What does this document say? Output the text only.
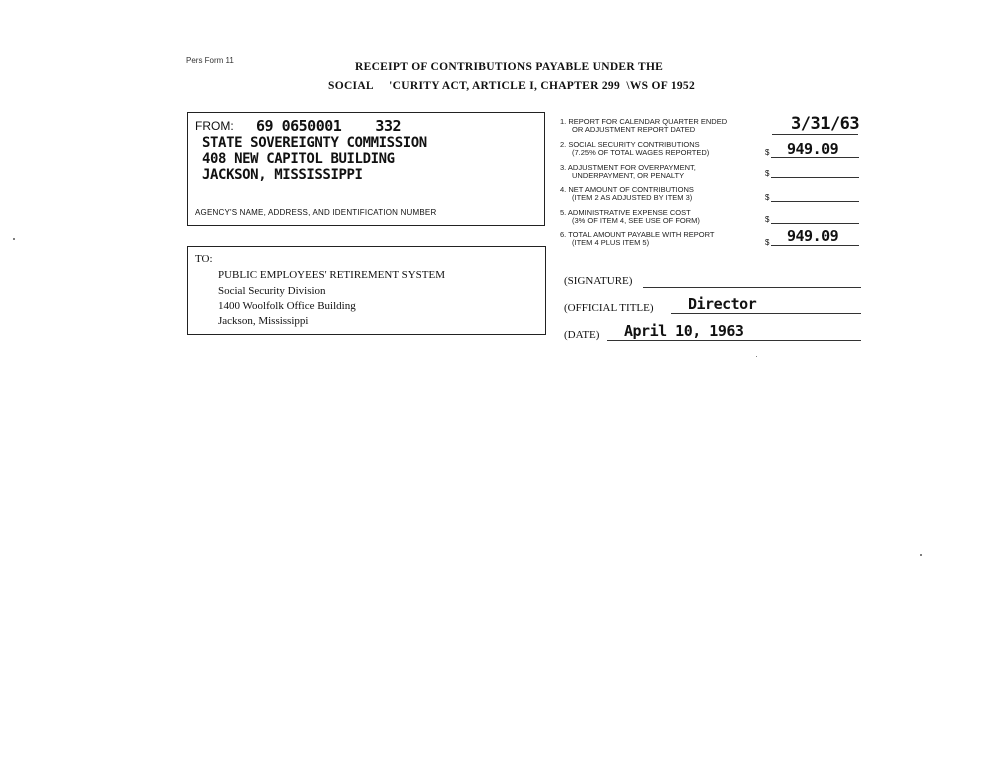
Pers Form 11
RECEIPT OF CONTRIBUTIONS PAYABLE UNDER THE
SOCIAL     'CURITY ACT, ARTICLE I, CHAPTER 299  \WS OF 1952
FROM: 69 0650001    332
STATE SOVEREIGNTY COMMISSION
408 NEW CAPITOL BUILDING
JACKSON, MISSISSIPPI
AGENCY'S NAME, ADDRESS, AND IDENTIFICATION NUMBER
TO:
PUBLIC EMPLOYEES' RETIREMENT SYSTEM
Social Security Division
1400 Woolfolk Office Building
Jackson, Mississippi
1. REPORT FOR CALENDAR QUARTER ENDED
OR ADJUSTMENT REPORT DATED	3/31/63
2. SOCIAL SECURITY CONTRIBUTIONS
(7.25% OF TOTAL WAGES REPORTED)	$ 949.09
3. ADJUSTMENT FOR OVERPAYMENT,
UNDERPAYMENT, OR PENALTY	$
4. NET AMOUNT OF CONTRIBUTIONS
(ITEM 2 AS ADJUSTED BY ITEM 3)	$
5. ADMINISTRATIVE EXPENSE COST
(3% OF ITEM 4, SEE USE OF FORM)	$
6. TOTAL AMOUNT PAYABLE WITH REPORT
(ITEM 4 PLUS ITEM 5)	$ 949.09
(SIGNATURE)
(OFFICIAL TITLE) Director
(DATE) April 10, 1963
